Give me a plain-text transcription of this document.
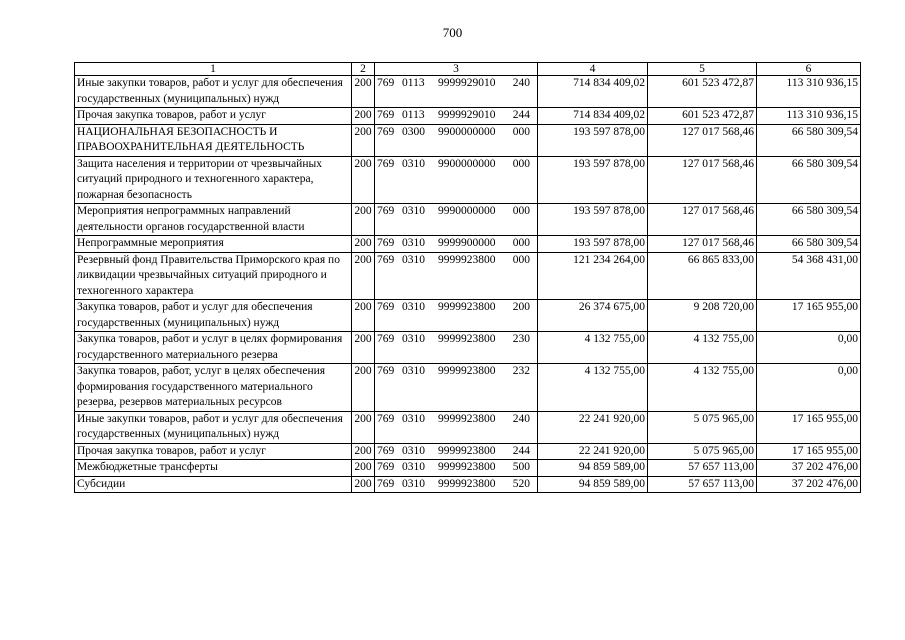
700
1	2	3	4	5	6
Иные закупки товаров, работ и услуг для обеспечения государственных (муниципальных) нужд	200	769 0113 9999929010 240	714 834 409,02	601 523 472,87	113 310 936,15
Прочая закупка товаров, работ и услуг	200	769 0113 9999929010 244	714 834 409,02	601 523 472,87	113 310 936,15
НАЦИОНАЛЬНАЯ БЕЗОПАСНОСТЬ И ПРАВООХРАНИТЕЛЬНАЯ ДЕЯТЕЛЬНОСТЬ	200	769 0300 9900000000 000	193 597 878,00	127 017 568,46	66 580 309,54
Защита населения и территории от чрезвычайных ситуаций природного и техногенного характера, пожарная безопасность	200	769 0310 9900000000 000	193 597 878,00	127 017 568,46	66 580 309,54
Мероприятия непрограммных направлений деятельности органов государственной власти	200	769 0310 9990000000 000	193 597 878,00	127 017 568,46	66 580 309,54
Непрограммные мероприятия	200	769 0310 9999900000 000	193 597 878,00	127 017 568,46	66 580 309,54
Резервный фонд Правительства Приморского края по ликвидации чрезвычайных ситуаций природного и техногенного характера	200	769 0310 9999923800 000	121 234 264,00	66 865 833,00	54 368 431,00
Закупка товаров, работ и услуг для обеспечения государственных (муниципальных) нужд	200	769 0310 9999923800 200	26 374 675,00	9 208 720,00	17 165 955,00
Закупка товаров, работ и услуг в целях формирования государственного материального резерва	200	769 0310 9999923800 230	4 132 755,00	4 132 755,00	0,00
Закупка товаров, работ, услуг в целях обеспечения формирования государственного материального резерва, резервов материальных ресурсов	200	769 0310 9999923800 232	4 132 755,00	4 132 755,00	0,00
Иные закупки товаров, работ и услуг для обеспечения государственных (муниципальных) нужд	200	769 0310 9999923800 240	22 241 920,00	5 075 965,00	17 165 955,00
Прочая закупка товаров, работ и услуг	200	769 0310 9999923800 244	22 241 920,00	5 075 965,00	17 165 955,00
Межбюджетные трансферты	200	769 0310 9999923800 500	94 859 589,00	57 657 113,00	37 202 476,00
Субсидии	200	769 0310 9999923800 520	94 859 589,00	57 657 113,00	37 202 476,00
